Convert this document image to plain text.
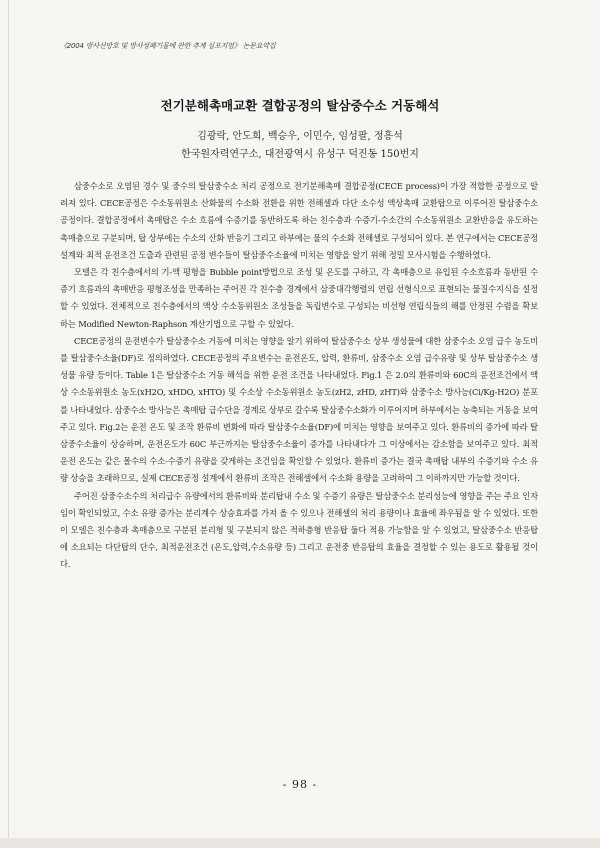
《2004 방사선방호 및 방사성폐기물에 관한 추계 심포지엄》 논문요약집
전기분해촉매교환 결합공정의 탈삼중수소 거동해석
김광락, 안도희, 백승우, 이민수, 임성팔, 정흥석
한국원자력연구소, 대전광역시 유성구 덕진동 150번지

삼중수소로 오염된 경수 및 중수의 탈삼중수소 처리 공정으로 전기분해촉매 결합공정(CECE process)이 가장 적합한 공정으로 알려져 있다. CECE공정은 수소동위원소 산화물의 수소화 전환을 위한 전해셀과 다단 소수성 액상촉매 교환탑으로 이루어진 탈삼중수소 공정이다. 결합공정에서 촉매탑은 수소 흐름에 수증기를 동반하도록 하는 친수층과 수증기-수소간의 수소동위원소 교환반응을 유도하는 촉매층으로 구분되며, 탑 상부에는 수소의 산화 반응기 그리고 하부에는 물의 수소화 전해셀로 구성되어 있다. 본 연구에서는 CECE공정 설계와 최적 운전조건 도출과 관련된 공정 변수들이 탈삼중수소율에 미치는 영향을 알기 위해 정밀 모사시험을 수행하였다.

모델은 각 친수층에서의 기-액 평형을 Bubble point방법으로 조성 및 온도를 구하고, 각 촉매층으로 유입된 수소흐름과 동반된 수증기 흐름과의 촉매반응 평형조성을 만족하는 주어진 각 친수층 경계에서 삼중대각행렬의 연립 선형식으로 표현되는 물질수지식을 설정할 수 있었다. 전체적으로 친수층에서의 액상 수소동위원소 조성들을 독립변수로 구성되는 비선형 연립식들의 해를 안정된 수렴을 확보하는 Modified Newton-Raphson 계산기법으로 구할 수 있었다.

CECE공정의 운전변수가 탈삼중수소 거동에 미치는 영향을 알기 위하여 탈삼중수소 상부 생성물에 대한 삼중수소 오염 급수 농도비를 탈삼중수소율(DF)로 정의하였다. CECE공정의 주요변수는 운전온도, 압력, 환류비, 삼중수소 오염 급수유량 및 상부 탈삼중수소 생성물 유량 등이다. Table 1은 탈삼중수소 거동 해석을 위한 운전 조건을 나타내었다. Fig.1 은 2.0의 환류비와 60C의 운전조건에서 액상 수소동위원소 농도(xH2O, xHDO, xHTO) 및 수소상 수소동위원소 농도(zH2, zHD, zHT)와 삼중수소 방사능(Ci/Kg-H2O) 분포를 나타내었다. 삼중수소 방사능은 촉매탑 급수단을 경계로 상부로 갈수록 탈삼중수소화가 이루어지며 하부에서는 농축되는 거동을 보여주고 있다. Fig.2는 운전 온도 및 조작 환류비 변화에 따라 탈삼중수소율(DF)에 미치는 영향을 보여주고 있다. 환류비의 증가에 따라 탈삼중수소율이 상승하며, 운전온도가 60C 부근까지는 탈삼중수소율이 증가를 나타내다가 그 이상에서는 감소함을 보여주고 있다. 최적 운전 온도는 같은 몰수의 수소-수증기 유량을 갖게하는 조건임을 확인할 수 있었다. 환류비 증가는 결국 촉매탑 내부의 수증기와 수소 유량 상승을 초래하므로, 실제 CECE공정 설계에서 환류비 조작은 전해셀에서 수소화 용량을 고려하여 그 이하까지만 가능할 것이다.

주어진 삼중수소수의 처리급수 유량에서의 환류비와 분리탑내 수소 및 수증기 유량은 탈삼중수소 분리성능에 영향을 주는 주요 인자임이 확인되었고, 수소 유량 증가는 분리계수 상승효과를 가져 올 수 있으나 전해셀의 처리 용량이나 효율에 좌우됨을 알 수 있었다. 또한 이 모델은 친수층과 촉매층으로 구분된 분리형 및 구분되지 않은 적하층형 반응탑 둘다 적용 가능함을 알 수 있었고, 탈삼중수소 반응탑에 소요되는 다단탑의 단수, 최적운전조건 (온도,압력,수소유량 등) 그리고 운전중 반응탑의 효율을 결정할 수 있는 용도로 활용될 것이다.

- 98 -
